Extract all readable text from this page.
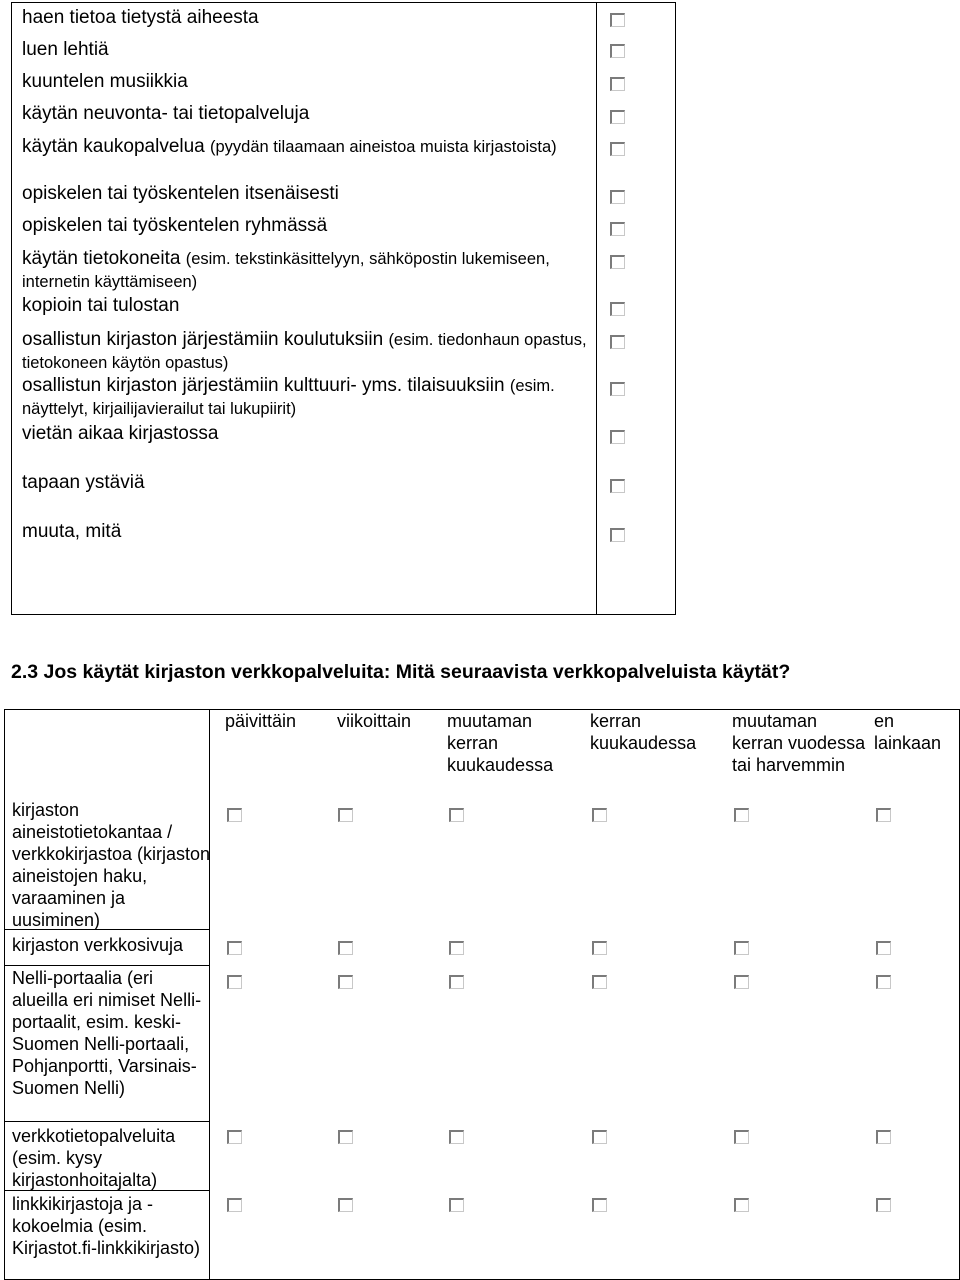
haen tietoa tietystä aiheesta
luen lehtiä
kuuntelen musiikkia
käytän neuvonta- tai tietopalveluja
käytän kaukopalvelua (pyydän tilaamaan aineistoa muista kirjastoista)
opiskelen tai työskentelen itsenäisesti
opiskelen tai työskentelen ryhmässä
käytän tietokoneita (esim. tekstinkäsittelyyn, sähköpostin lukemiseen, internetin käyttämiseen)
kopioin tai tulostan
osallistun kirjaston järjestämiin koulutuksiin (esim. tiedonhaun opastus, tietokoneen käytön opastus)
osallistun kirjaston järjestämiin kulttuuri- yms. tilaisuuksiin (esim. näyttelyt, kirjailijavierailut tai lukupiirit)
vietän aikaa kirjastossa
tapaan ystäviä
muuta, mitä
2.3 Jos käytät kirjaston verkkopalveluita: Mitä seuraavista verkkopalveluista käytät?
päivittäin	viikoittain	muutaman kerran kuukaudessa
kerran kuukaudessa
muutaman kerran vuodessa tai harvemmin
en lainkaan
kirjaston aineistotietokantaa / verkkokirjastoa (kirjaston aineistojen haku, varaaminen ja uusiminen)
kirjaston verkkosivuja
Nelli-portaalia (eri alueilla eri nimiset Nelli-portaalit, esim. keski-Suomen Nelli-portaali, Pohjanportti, Varsinais-Suomen Nelli)
verkkotietopalveluita (esim. kysy kirjastonhoitajalta)
linkkikirjastoja ja -kokoelmia (esim. Kirjastot.fi-linkkikirjasto)
